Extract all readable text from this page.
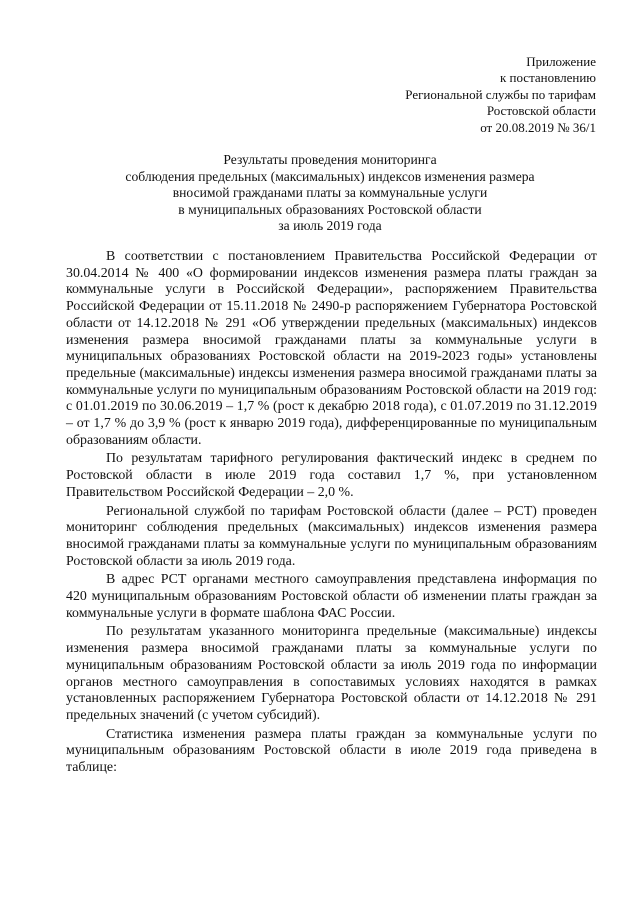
Приложение
к постановлению
Региональной службы по тарифам
Ростовской области
от 20.08.2019 № 36/1
Результаты проведения мониторинга
соблюдения предельных (максимальных) индексов изменения размера
вносимой гражданами платы за коммунальные услуги
в муниципальных образованиях Ростовской области
за июль 2019 года

В соответствии с постановлением Правительства Российской Федерации от 30.04.2014 № 400 «О формировании индексов изменения размера платы граждан за коммунальные услуги в Российской Федерации», распоряжением Правительства Российской Федерации от 15.11.2018 № 2490-р распоряжением Губернатора Ростовской области от 14.12.2018 № 291 «Об утверждении предельных (максимальных) индексов изменения размера вносимой гражданами платы за коммунальные услуги в муниципальных образованиях Ростовской области на 2019-2023 годы» установлены предельные (максимальные) индексы изменения размера вносимой гражданами платы за коммунальные услуги по муниципальным образованиям Ростовской области на 2019 год: с 01.01.2019 по 30.06.2019 – 1,7 % (рост к декабрю 2018 года), с 01.07.2019 по 31.12.2019 – от 1,7 % до 3,9 % (рост к январю 2019 года), дифференцированные по муниципальным образованиям области.

По результатам тарифного регулирования фактический индекс в среднем по Ростовской области в июле 2019 года составил 1,7 %, при установленном Правительством Российской Федерации – 2,0 %.

Региональной службой по тарифам Ростовской области (далее – РСТ) проведен мониторинг соблюдения предельных (максимальных) индексов изменения размера вносимой гражданами платы за коммунальные услуги по муниципальным образованиям Ростовской области за июль 2019 года.

В адрес РСТ органами местного самоуправления представлена информация по 420 муниципальным образованиям Ростовской области об изменении платы граждан за коммунальные услуги в формате шаблона ФАС России.

По результатам указанного мониторинга предельные (максимальные) индексы изменения размера вносимой гражданами платы за коммунальные услуги по муниципальным образованиям Ростовской области за июль 2019 года по информации органов местного самоуправления в сопоставимых условиях находятся в рамках установленных распоряжением Губернатора Ростовской области от 14.12.2018 № 291 предельных значений (с учетом субсидий).

Статистика изменения размера платы граждан за коммунальные услуги по муниципальным образованиям Ростовской области в июле 2019 года приведена в таблице:
